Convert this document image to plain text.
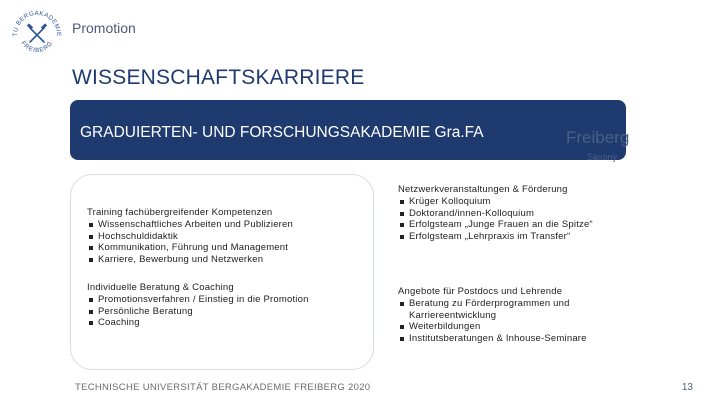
TU BERGAKADEMIE
FREIBERG
Promotion
WISSENSCHAFTSKARRIERE
GRADUIERTEN- UND FORSCHUNGSAKADEMIE Gra.FA	Freiberg
Saxony
Training fachübergreifender Kompetenzen
Wissenschaftliches Arbeiten und Publizieren
Hochschuldidaktik
Kommunikation, Führung und Management
Karriere, Bewerbung und Netzwerken
Individuelle Beratung & Coaching
Promotionsverfahren / Einstieg in die Promotion
Persönliche Beratung
Coaching
Netzwerkveranstaltungen & Förderung
Krüger Kolloquium
Doktorand/innen-Kolloquium
Erfolgsteam „Junge Frauen an die Spitze“
Erfolgsteam „Lehrpraxis im Transfer“
Angebote für Postdocs und Lehrende
Beratung zu Förderprogrammen und
Karriereentwicklung
Weiterbildungen
Institutsberatungen & Inhouse-Seminare
TECHNISCHE UNIVERSITÄT BERGAKADEMIE FREIBERG 2020	13
